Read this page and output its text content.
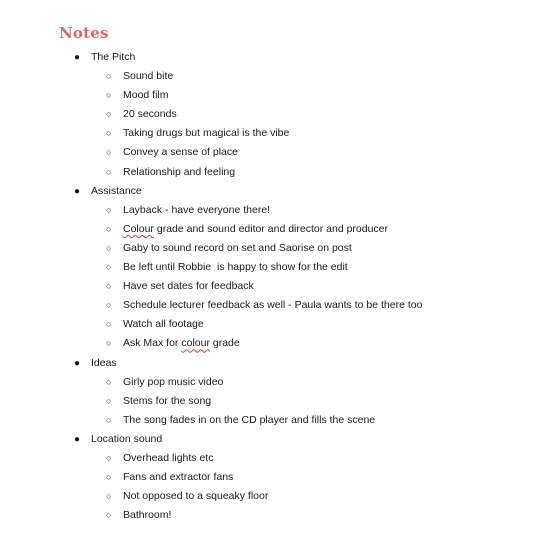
Notes
● The Pitch
○ Sound bite
○ Mood film
○ 20 seconds
○ Taking drugs but magical is the vibe
○ Convey a sense of place
○ Relationship and feeling
● Assistance
○ Layback - have everyone there!
○ Colour grade and sound editor and director and producer
○ Gaby to sound record on set and Saorise on post
○ Be left until Robbie  is happy to show for the edit
○ Have set dates for feedback
○ Schedule lecturer feedback as well - Paula wants to be there too
○ Watch all footage
○ Ask Max for colour grade
● Ideas
○ Girly pop music video
○ Stems for the song
○ The song fades in on the CD player and fills the scene
● Location sound
○ Overhead lights etc
○ Fans and extractor fans
○ Not opposed to a squeaky floor
○ Bathroom!
